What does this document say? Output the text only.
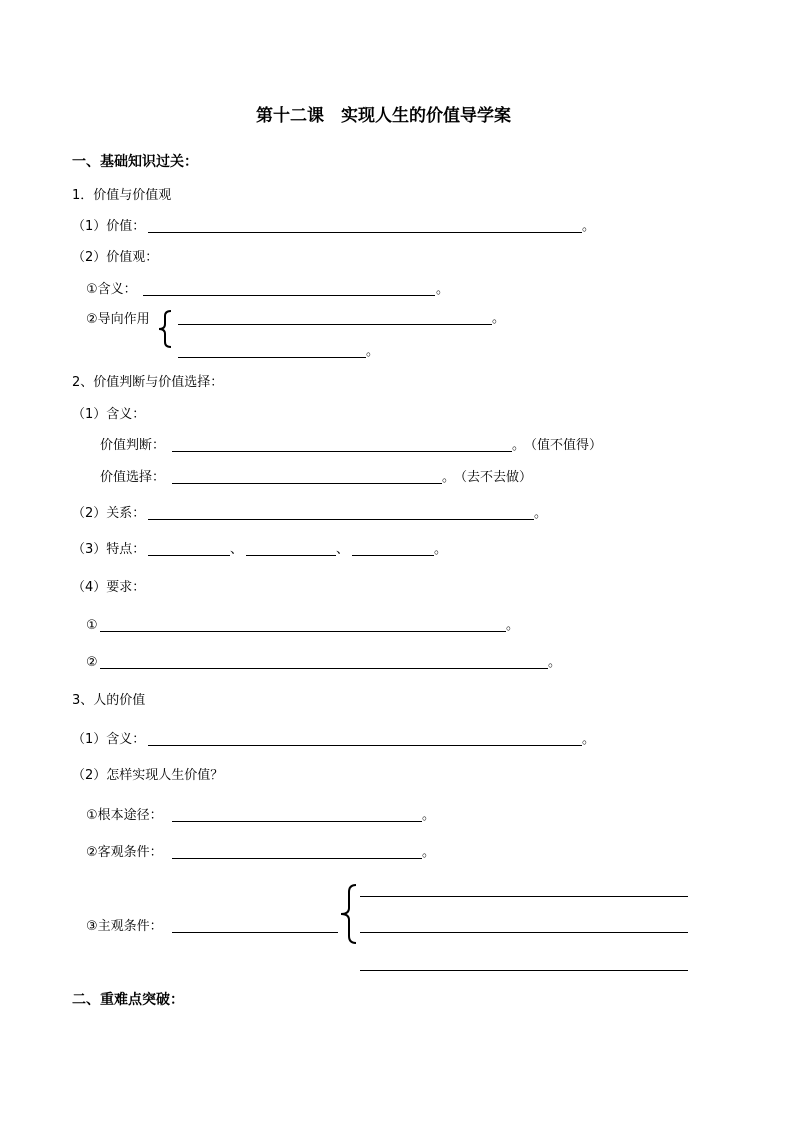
第十二课　实现人生的价值导学案
一、基础知识过关：
1．价值与价值观
（1）价值：	。
（2）价值观：
①含义：	。
②导向作用	。
。
2、价值判断与价值选择：
（1）含义：
价值判断：	。
（值不值得）
价值选择：	。
（去不去做）
（2）关系：	。
（3）特点：	、	、	。
（4）要求：
①	。
②	。
3、人的价值
（1）含义：	。
（2）怎样实现人生价值？
①根本途径：	。
②客观条件：	。
③主观条件：
二、重难点突破：
